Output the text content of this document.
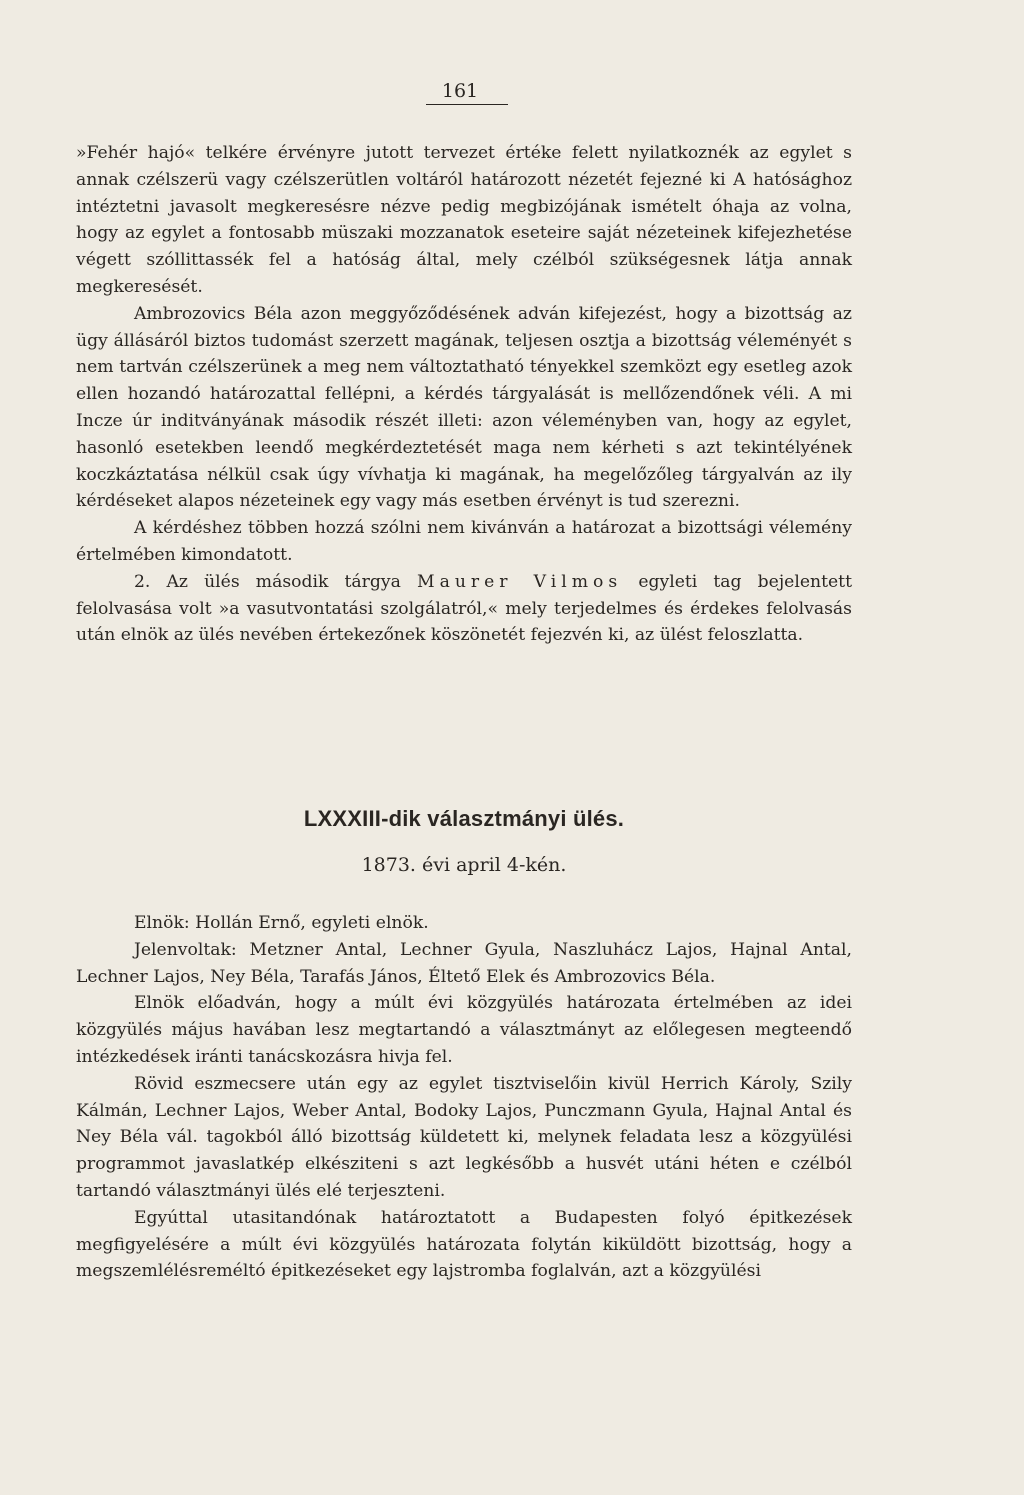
161

»Fehér hajó« telkére érvényre jutott tervezet értéke felett nyilatkoznék az egylet s annak czélszerü vagy czélszerütlen voltáról határozott nézetét fejezné ki A hatósághoz intéztetni javasolt megkeresésre nézve pedig megbizójának ismételt óhaja az volna, hogy az egylet a fontosabb müszaki mozzanatok eseteire saját nézeteinek kifejezhetése végett szóllittassék fel a hatóság által, mely czélból szükségesnek látja annak megkeresését.

Ambrozovics Béla azon meggyőződésének adván kifejezést, hogy a bizottság az ügy állásáról biztos tudomást szerzett magának, teljesen osztja a bizottság véleményét s nem tartván czélszerünek a meg nem változtatható tényekkel szemközt egy esetleg azok ellen hozandó határozattal fellépni, a kérdés tárgyalását is mellőzendőnek véli. A mi Incze úr inditványának második részét illeti: azon véleményben van, hogy az egylet, hasonló esetekben leendő megkérdeztetését maga nem kérheti s azt tekintélyének koczkáztatása nélkül csak úgy vívhatja ki magának, ha megelőzőleg tárgyalván az ily kérdéseket alapos nézeteinek egy vagy más esetben érvényt is tud szerezni.

A kérdéshez többen hozzá szólni nem kivánván a határozat a bizottsági vélemény értelmében kimondatott.

2. Az ülés második tárgya Maurer Vilmos egyleti tag bejelentett felolvasása volt »a vasutvontatási szolgálatról,« mely terjedelmes és érdekes felolvasás után elnök az ülés nevében értekezőnek köszönetét fejezvén ki, az ülést feloszlatta.

LXXXIII-dik választmányi ülés.
1873. évi april 4-kén.

Elnök: Hollán Ernő, egyleti elnök.

Jelenvoltak: Metzner Antal, Lechner Gyula, Naszluhácz Lajos, Hajnal Antal, Lechner Lajos, Ney Béla, Tarafás János, Éltető Elek és Ambrozovics Béla.

Elnök előadván, hogy a múlt évi közgyülés határozata értelmében az idei közgyülés május havában lesz megtartandó a választmányt az előlegesen megteendő intézkedések iránti tanácskozásra hivja fel.

Rövid eszmecsere után egy az egylet tisztviselőin kivül Herrich Károly, Szily Kálmán, Lechner Lajos, Weber Antal, Bodoky Lajos, Punczmann Gyula, Hajnal Antal és Ney Béla vál. tagokból álló bizottság küldetett ki, melynek feladata lesz a közgyülési programmot javaslatkép elkésziteni s azt legkésőbb a husvét utáni héten e czélból tartandó választmányi ülés elé terjeszteni.

Egyúttal utasitandónak határoztatott a Budapesten folyó épitkezések megfigyelésére a múlt évi közgyülés határozata folytán kiküldött bizottság, hogy a megszemlélésreméltó épitkezéseket egy lajstromba foglalván, azt a közgyülési
